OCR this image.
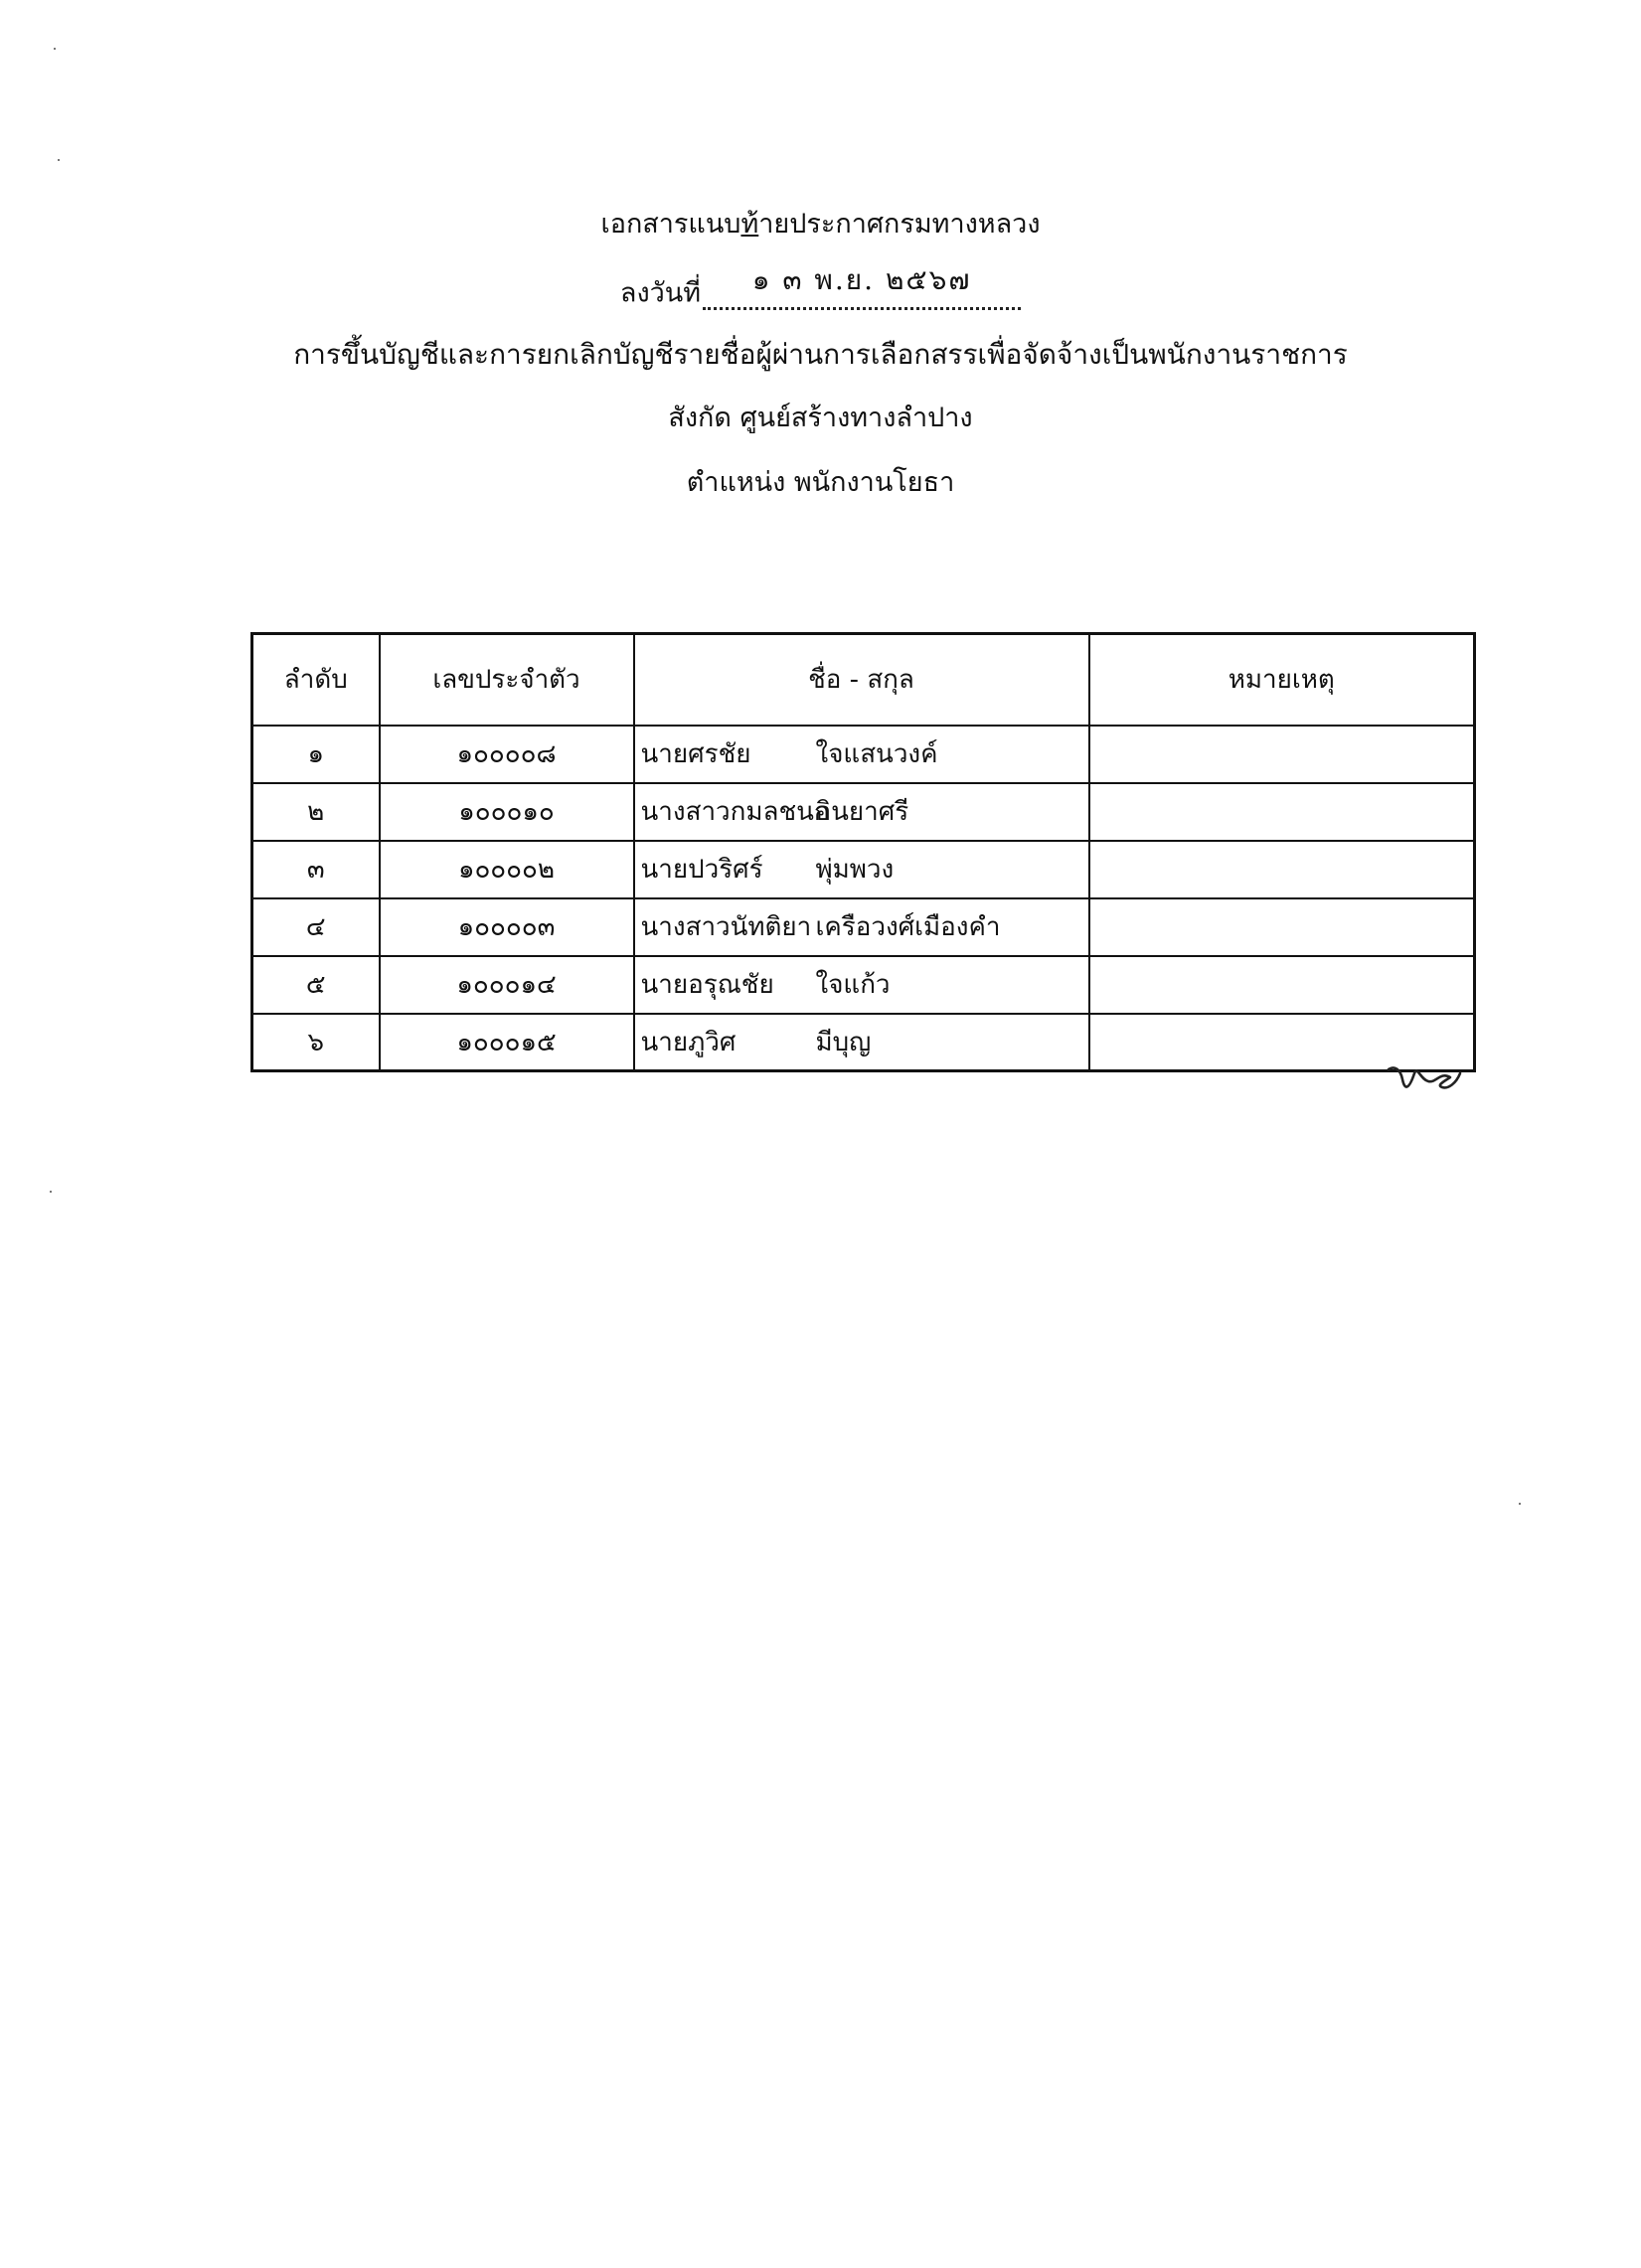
เอกสารแนบท้ายประกาศกรมทางหลวง
ลงวันที่	๑ ๓ พ.ย. ๒๕๖๗
การขึ้นบัญชีและการยกเลิกบัญชีรายชื่อผู้ผ่านการเลือกสรรเพื่อจัดจ้างเป็นพนักงานราชการ
สังกัด ศูนย์สร้างทางลำปาง
ตำแหน่ง พนักงานโยธา
ลำดับ	เลขประจำตัว	ชื่อ - สกุล	หมายเหตุ
๑	๑๐๐๐๐๘	นายศรชัย ใจแสนวงค์	
๒	๑๐๐๐๑๐	นางสาวกมลชนกอินยาศรี	
๓	๑๐๐๐๐๒	นายปวริศร์ พุ่มพวง	
๔	๑๐๐๐๐๓	นางสาวนัทติยา เครือวงศ์เมืองคำ	
๕	๑๐๐๐๑๔	นายอรุณชัย ใจแก้ว	
๖	๑๐๐๐๑๕	นายภูวิศ มีบุญ	
